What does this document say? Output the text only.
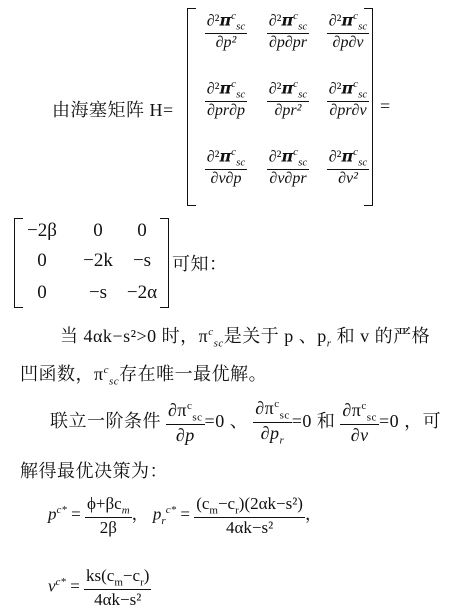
由海塞矩阵 H=	=
$\frac{\partial^2\pi^c_{sc}}{\text{∂p²}} \frac{\partial^2\pi^c_{sc}}{\partial p\partial pr} \frac{\partial^2\pi^c_{sc}}{\partial p\partial v}$
$\frac{\partial^2\pi^c_{sc}}{\partial pr\partial p} \frac{\partial^2\pi^c_{sc}}{\text{∂pr²}} \frac{\partial^2\pi^c_{sc}}{\partial pr\partial v}$
$\frac{\partial^2\pi^c_{sc}}{\partial v\partial p} \frac{\partial^2\pi^c_{sc}}{\partial v\partial pr} \frac{\partial^2\pi^c_{sc}}{\text{∂v²}}$
−2β	0	0
0	−2k	−s
0	−s	−2α
可知：
当 4αk−s²>0 时，$\pi^c_{sc}$是关于 p 、$p_r$ 和 v 的严格
凹函数，$\pi^c_{sc}$存在唯一最优解。
联立一阶条件 $\frac{\partial\pi^c_{sc}}{\partial p} =0$ 、 $\frac{\partial\pi^c_{sc}}{\partial p_r} =0$ 和 $\frac{\partial\pi^c_{sc}}{\partial v} =0$ ，可
解得最优决策为：
$p^{c*} = \frac{\phi+\beta c_m}{2\beta}$ ， $p_r^{c*} = \frac{(c_m-c_r)(2\alpha k-s^2)}{\text{4αk−s²}}$ ，
$v^{c*} = \frac{ks(c_m-c_r)}{\text{4αk−s²}}$
